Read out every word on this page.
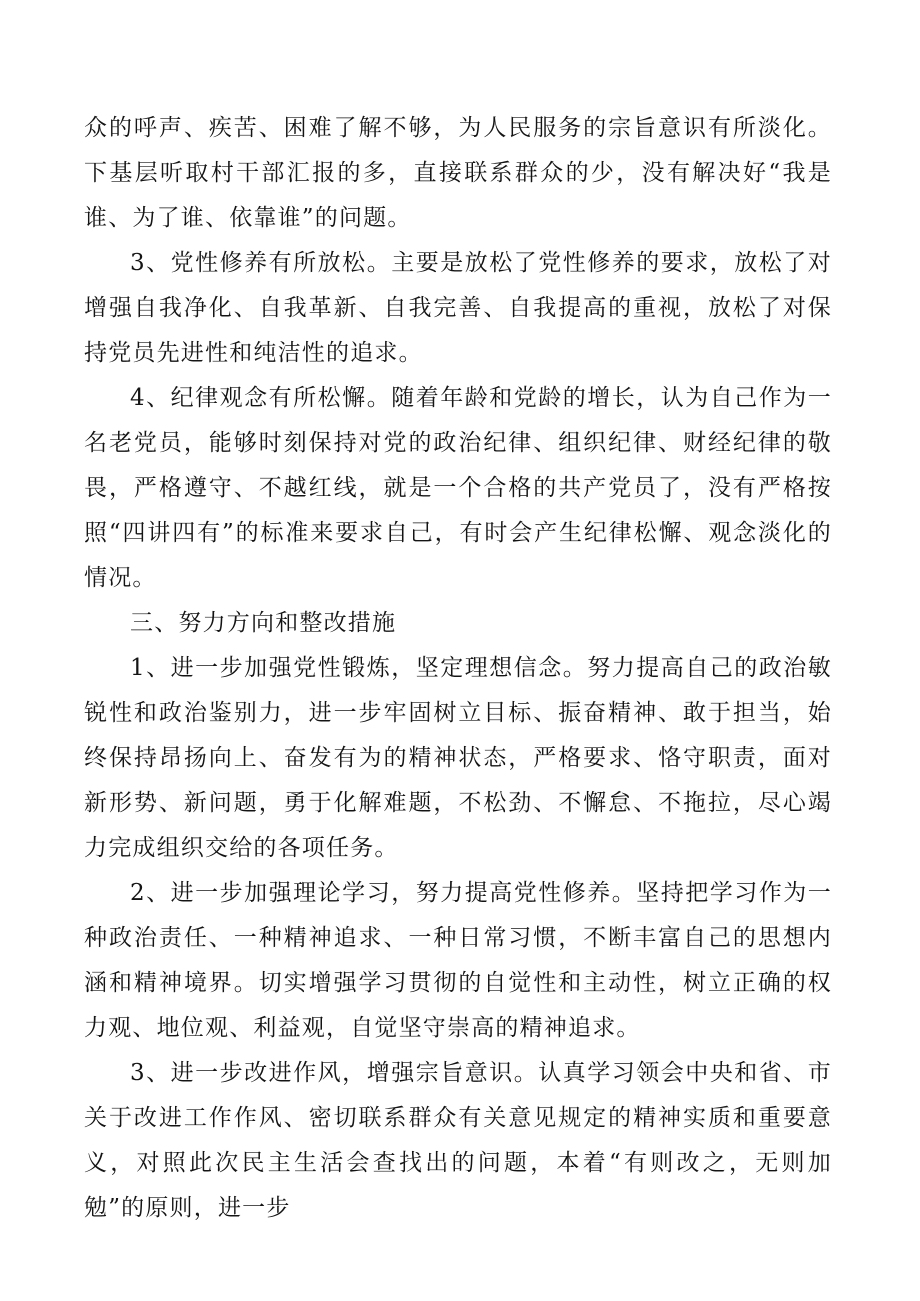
众的呼声、疾苦、困难了解不够，为人民服务的宗旨意识有所淡化。下基层听取村干部汇报的多，直接联系群众的少，没有解决好“我是谁、为了谁、依靠谁”的问题。

3、党性修养有所放松。主要是放松了党性修养的要求，放松了对增强自我净化、自我革新、自我完善、自我提高的重视，放松了对保持党员先进性和纯洁性的追求。

4、纪律观念有所松懈。随着年龄和党龄的增长，认为自己作为一名老党员，能够时刻保持对党的政治纪律、组织纪律、财经纪律的敬畏，严格遵守、不越红线，就是一个合格的共产党员了，没有严格按照“四讲四有”的标准来要求自己，有时会产生纪律松懈、观念淡化的情况。

三、努力方向和整改措施

1、进一步加强党性锻炼，坚定理想信念。努力提高自己的政治敏锐性和政治鉴别力，进一步牢固树立目标、振奋精神、敢于担当，始终保持昂扬向上、奋发有为的精神状态，严格要求、恪守职责，面对新形势、新问题，勇于化解难题，不松劲、不懈怠、不拖拉，尽心竭力完成组织交给的各项任务。

2、进一步加强理论学习，努力提高党性修养。坚持把学习作为一种政治责任、一种精神追求、一种日常习惯，不断丰富自己的思想内涵和精神境界。切实增强学习贯彻的自觉性和主动性，树立正确的权力观、地位观、利益观，自觉坚守崇高的精神追求。

3、进一步改进作风，增强宗旨意识。认真学习领会中央和省、市关于改进工作作风、密切联系群众有关意见规定的精神实质和重要意义，对照此次民主生活会查找出的问题，本着“有则改之，无则加勉”的原则，进一步
